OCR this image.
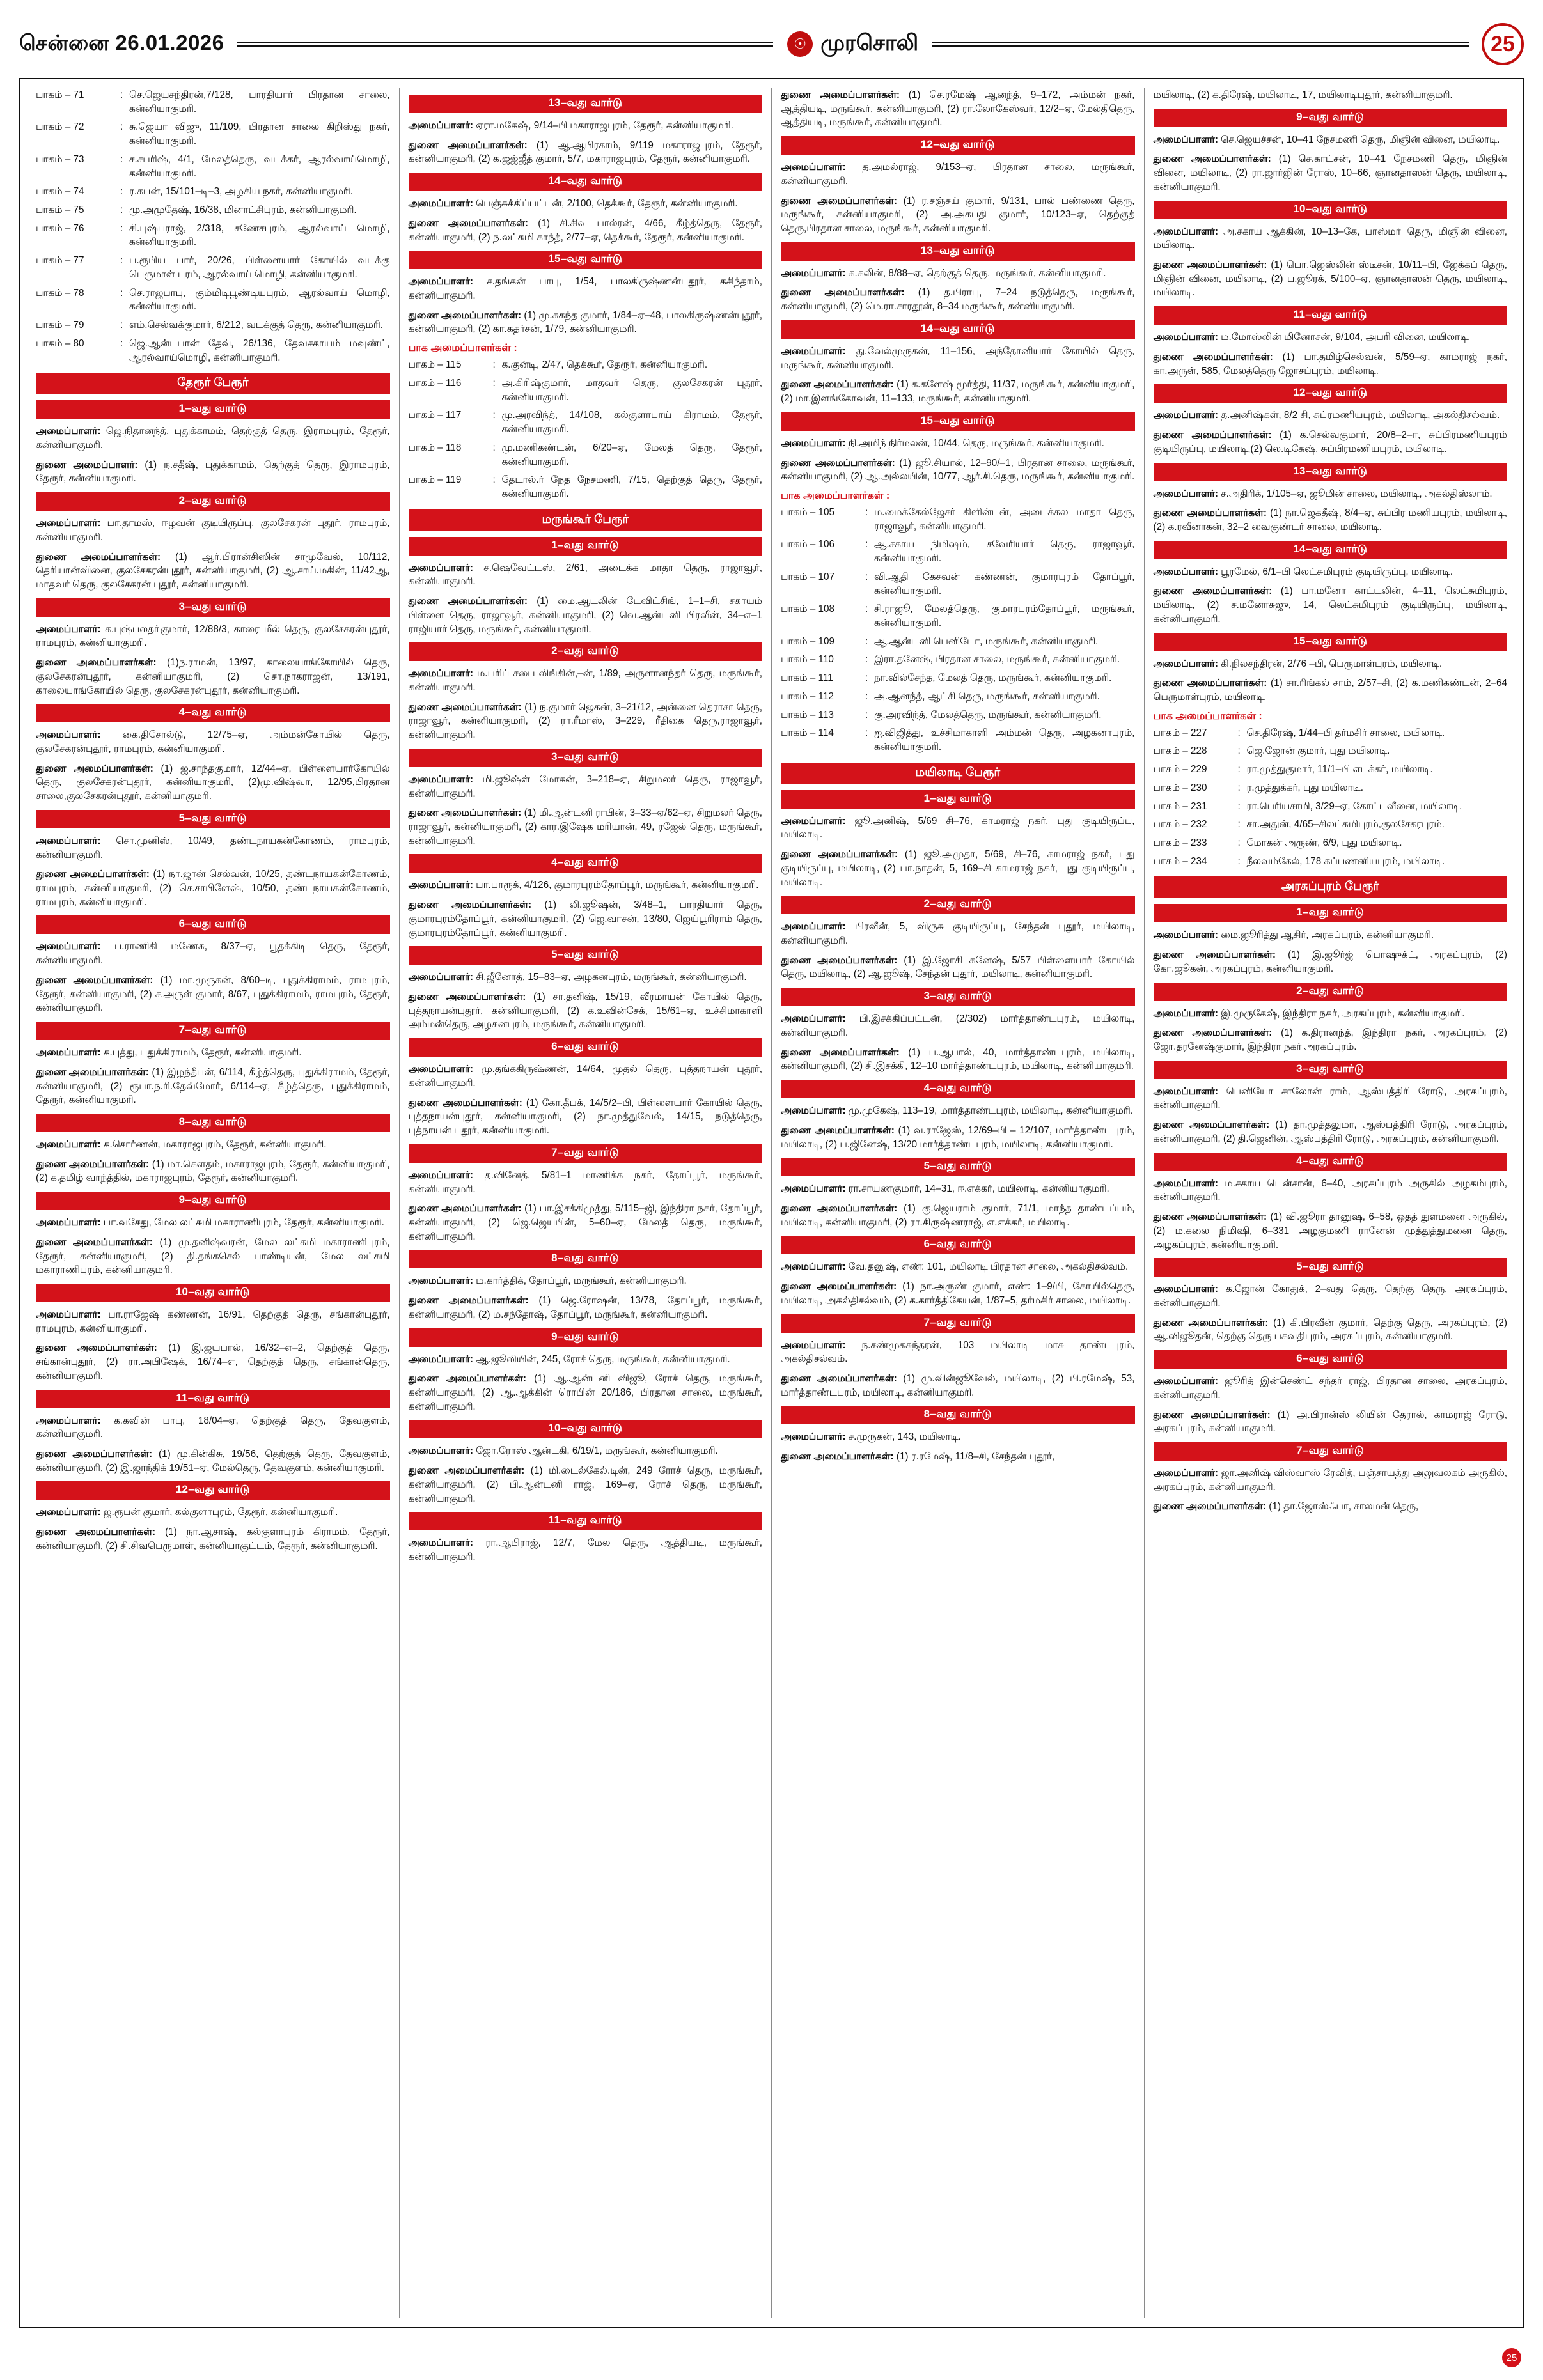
சென்னை 26.01.2026	☉ முரசொலி	25
பாகம் – 71	: செ.ஜெயசந்திரன்,7/128, பாரதியார் பிரதான சாலை, கன்னியாகுமரி.
பாகம் – 72	: சு.ஜெயா விஜு, 11/109, பிரதான சாலை கிறிஸ்து நகர், கன்னியாகுமரி.
பாகம் – 73	: ச.சபரிஷ், 4/1, மேலத்தெரு, வடக்கர், ஆரல்வாய்மொழி, கன்னியாகுமரி.
பாகம் – 74	: ர.கபன், 15/101–டி–3, அழகிய நகர், கன்னியாகுமரி.
பாகம் – 75	: மு.அமுதேஷ், 16/38, மினாட்சிபுரம், கன்னியாகுமரி.
பாகம் – 76	: சி.புஷ்பராஜ், 2/318, சணேசபுரம், ஆரல்வாய் மொழி, கன்னியாகுமரி.
பாகம் – 77	: ப.ரூபிய பார், 20/26, பிள்ளையார் கோயில் வடக்கு பெருமாள் புரம், ஆரல்வாய் மொழி, கன்னியாகுமரி.
பாகம் – 78	: செ.ராஜபாபு, கும்மிடிபூண்டியபுரம், ஆரல்வாய் மொழி, கன்னியாகுமரி.
பாகம் – 79	: எம்.செல்வக்குமார், 6/212, வடக்குத் தெரு, கன்னியாகுமரி.
பாகம் – 80	: ஜெ.ஆன்டபான் தேவ், 26/136, தேவசகாயம் மவுண்ட், ஆரல்வாய்மொழி, கன்னியாகுமரி.
தேரூர் பேரூர்
1–வது வார்டு
அமைப்பாளர்: ஜெ.நிதானந்த், புதுக்காமம், தெற்குத் தெரு, இராமபுரம், தேரூர், கன்னியாகுமரி.
துணை அமைப்பாளர்: (1) ந.சதீஷ், புதுக்காமம், தெற்குத் தெரு, இராமபுரம், தேரூர், கன்னியாகுமரி.
2–வது வார்டு
அமைப்பாளர்: பா.தாமஸ், ஈழவன் குடியிருப்பு, குலசேகரன் புதூர், ராமபுரம், கன்னியாகுமரி.
துணை அமைப்பாளர்கள்: (1) ஆர்.பிரான்சிஸின் சாமுவேல், 10/112, தெரியான்வினை, குலசேகரன்புதூர், கன்னியாகுமரி, (2) ஆ.சாய்.மகின், 11/42ஆ, மாதவர் தெரு, குலசேகரன் புதூர், கன்னியாகுமரி.
3–வது வார்டு
அமைப்பாளர்: க.புஷ்பலதா்குமார், 12/88/3, காரை மீல் தெரு, குலசேகரன்புதூர், ராமபுரம், கன்னியாகுமரி.
துணை அமைப்பாளர்கள்: (1)ந.ராமன், 13/97, காலையாங்கோயில் தெரு, குலசேகரன்புதூர், கன்னியாகுமரி, (2) சொ.நாகராஜன், 13/191, காலையாங்கோயில் தெரு, குலசேகரன்புதூர், கன்னியாகுமரி.
4–வது வார்டு
அமைப்பாளர்: கை.திசோல்டு, 12/75–ஏ, அம்மன்கோயில் தெரு, குலசேகரன்புதூர், ராமபுரம், கன்னியாகுமரி.
துணை அமைப்பாளர்கள்: (1) ஜ.சாந்தகுமார், 12/44–ஏ, பிள்ளையார்கோயில் தெரு, குலசேகரன்புதூர், கன்னியாகுமரி, (2)மு.விஷ்வா, 12/95,பிரதான சாலை,குலசேகரன்புதூர், கன்னியாகுமரி.
5–வது வார்டு
அமைப்பாளர்: சொ.முனிஸ், 10/49, தண்டநாயகன்கோணம், ராமபுரம், கன்னியாகுமரி.
துணை அமைப்பாளர்கள்: (1) நா.ஜான் செல்வன், 10/25, தண்டநாயகன்கோணம், ராமபுரம், கன்னியாகுமரி, (2) செ.சாபிளேஷ், 10/50, தண்டநாயகன்கோணம், ராமபுரம், கன்னியாகுமரி.
6–வது வார்டு
அமைப்பாளர்: ப.ராணிகி மணேசு, 8/37–ஏ, பூதக்கிடி தெரு, தேரூர், கன்னியாகுமரி.
துணை அமைப்பாளர்கள்: (1) மா.முருகன், 8/60–டி, புதுக்கிராமம், ராமபுரம், தேரூர், கன்னியாகுமரி, (2) ச.அருள் குமார், 8/67, புதுக்கிராமம், ராமபுரம், தேரூர், கன்னியாகுமரி.
7–வது வார்டு
அமைப்பாளர்: க.புத்து, புதுக்கிராமம், தேரூர், கன்னியாகுமரி.
துணை அமைப்பாளர்கள்: (1) இழந்தீபன், 6/114, கீழ்த்தெரு, புதுக்கிராமம், தேரூர், கன்னியாகுமரி, (2) ரூபா.ந.ரி.தேவ்மோர், 6/114–ஏ, கீழ்த்தெரு, புதுக்கிராமம், தேரூர், கன்னியாகுமரி.
8–வது வார்டு
அமைப்பாளர்: க.சொர்ணன், மகாராஜபுரம், தேரூர், கன்னியாகுமரி.
துணை அமைப்பாளர்கள்: (1) மா.கௌதம், மகாராஜபுரம், தேரூர், கன்னியாகுமரி, (2) க.தமிழ் வாந்த்தில், மகாராஜபுரம், தேரூர், கன்னியாகுமரி.
9–வது வார்டு
அமைப்பாளர்: பா.வசேது, மேல லட்சுமி மகாராணிபுரம், தேரூர், கன்னியாகுமரி.
துணை அமைப்பாளர்கள்: (1) மு.தனிஷ்வரன், மேல லட்சுமி மகாராணிபுரம், தேரூர், கன்னியாகுமரி, (2) தி.தங்கசெல் பாண்டியன், மேல லட்சுமி மகாராணிபுரம், கன்னியாகுமரி.
10–வது வார்டு
அமைப்பாளர்: பா.ராஜேஷ் கண்ணன், 16/91, தெற்குத் தெரு, சங்கான்புதூர், ராமபுரம், கன்னியாகுமரி.
துணை அமைப்பாளர்கள்: (1) இ.ஜயபால், 16/32–எ–2, தெற்குத் தெரு, சங்கான்புதூர், (2) ரா.அபிஷேக், 16/74–எ, தெற்குத் தெரு, சங்கான்தெரு, கன்னியாகுமரி.
11–வது வார்டு
அமைப்பாளர்: க.கவின் பாபு, 18/04–ஏ, தெற்குத் தெரு, தேவகுளம், கன்னியாகுமரி.
துணை அமைப்பாளர்கள்: (1) மு.கின்கிசு, 19/56, தெற்குத் தெரு, தேவகுளம், கன்னியாகுமரி, (2) இ.ஜாந்திக் 19/51–ஏ, மேல்தெரு, தேவகுளம், கன்னியாகுமரி.
12–வது வார்டு
அமைப்பாளர்: ஜ.ரூபன் குமார், கல்குளாபுரம், தேரூர், கன்னியாகுமரி.
துணை அமைப்பாளர்கள்: (1) நா.ஆசாஷ், கல்குளாபுரம் கிராமம், தேரூர், கன்னியாகுமரி, (2) சி.சிவபெருமாள், கன்னியாகுட்டம், தேரூர், கன்னியாகுமரி.
13–வது வார்டு
அமைப்பாளர்: ஏரா.மகேஷ், 9/14–பி மகாராஜபுரம், தேரூர், கன்னியாகுமரி.
துணை அமைப்பாளர்கள்: (1) ஆ.ஆபிரகாம், 9/119 மகாராஜபுரம், தேரூர், கன்னியாகுமரி, (2) க.ஜஜ்ஜீத் குமார், 5/7, மகாராஜபுரம், தேரூர், கன்னியாகுமரி.
14–வது வார்டு
அமைப்பாளர்: பெஞ்சுக்கிப்பட்டன், 2/100, தெக்கூர், தேரூர், கன்னியாகுமரி.
துணை அமைப்பாளர்கள்: (1) சி.சிவ பால்ரன், 4/66, கீழ்த்தெரு, தேரூர், கன்னியாகுமரி, (2) ந.லட்சுமி காந்த், 2/77–ஏ, தெக்கூர், தேரூர், கன்னியாகுமரி.
15–வது வார்டு
அமைப்பாளர்: ச.தங்கன் பாபு, 1/54, பாலகிருஷ்ணன்புதூர், கசிந்தாம், கன்னியாகுமரி.
துணை அமைப்பாளர்கள்: (1) மு.சுகந்த குமார், 1/84–ஏ–48, பாலகிருஷ்ணன்புதூர், கன்னியாகுமரி, (2) கா.கதர்சன், 1/79, கன்னியாகுமரி.
பாக அமைப்பாளர்கள் :
பாகம் – 115	: க.குன்டி, 2/47, தெக்கூர், தேரூர், கன்னியாகுமரி.
பாகம் – 116	: அ.கிரிஷ்குமார், மாதவர் தெரு, குலசேகரன் புதூர், கன்னியாகுமரி.
பாகம் – 117	: மு.அரவிந்த், 14/108, கல்குளாபாய் கிராமம், தேரூர், கன்னியாகுமரி.
பாகம் – 118	: மு.மணிகண்டன், 6/20–ஏ, மேலத் தெரு, தேரூர், கன்னியாகுமரி.
பாகம் – 119	: தேடால்.ர் நேத நேசமணி, 7/15, தெற்குத் தெரு, தேரூர், கன்னியாகுமரி.
மருங்கூர் பேரூர்
1–வது வார்டு
அமைப்பாளர்: ச.ஷெவேட்டஸ், 2/61, அடைக்க மாதா தெரு, ராஜாவூர், கன்னியாகுமரி.
துணை அமைப்பாளர்கள்: (1) மை.ஆடலின் டேவிட்சிங், 1–1–சி, சகாயம் பிள்ளை தெரு, ராஜாவூர், கன்னியாகுமரி, (2) வெ.ஆன்டனி பிரவீன், 34–எ–1 ராஜியார் தெரு, மருங்கூர், கன்னியாகுமரி.
2–வது வார்டு
அமைப்பாளர்: ம.பரிப் சபை லிங்கின்,–ன், 1/89, அருளானந்தர் தெரு, மருங்கூர், கன்னியாகுமரி.
துணை அமைப்பாளர்கள்: (1) ந.குமார் ஜெகன், 3–21/12, அன்னை தெராசா தெரு, ராஜாவூர், கன்னியாகுமரி, (2) ரா.ரீமாஸ், 3–229, ரீதிகை தெரு,ராஜாவூர், கன்னியாகுமரி.
3–வது வார்டு
அமைப்பாளர்: மி.ஜூஷ்ள் மோகன், 3–218–ஏ, சிறுமலர் தெரு, ராஜாவூர், கன்னியாகுமரி.
துணை அமைப்பாளர்கள்: (1) மி.ஆன்டனி ராபின், 3–33–ஏ/62–ஏ, சிறுமலர் தெரு, ராஜாவூர், கன்னியாகுமரி, (2) கார.இஷேக மரியான், 49, ரஜேல் தெரு, மருங்கூர், கன்னியாகுமரி.
4–வது வார்டு
அமைப்பாளர்: பா.பாரூக், 4/126, குமாரபுரம்தோப்பூர், மருங்கூர், கன்னியாகுமரி.
துணை அமைப்பாளர்கள்: (1) லி.ஜூஷன், 3/48–1, பாரதியார் தெரு, குமாரபுரம்தோப்பூர், கன்னியாகுமரி, (2) ஜெ.வாசன், 13/80, ஜெய்பூரிராம் தெரு, குமாரபுரம்தோப்பூர், கன்னியாகுமரி.
5–வது வார்டு
அமைப்பாளர்: சி.ஜீனோத், 15–83–ஏ, அழகனபுரம், மருங்கூர், கன்னியாகுமரி.
துணை அமைப்பாளர்கள்: (1) சா.தனிஷ், 15/19, வீரமாயன் கோயில் தெரு, புத்தநாயன்புதூர், கன்னியாகுமரி, (2) க.உவின்சேக், 15/61–ஏ, உச்சிமாகாளி அம்மன்தெரு, அழகனபுரம், மருங்கூர், கன்னியாகுமரி.
6–வது வார்டு
அமைப்பாளர்: மு.தங்ககிருஷ்ணன், 14/64, முதல் தெரு, புத்தநாயன் புதூர், கன்னியாகுமரி.
துணை அமைப்பாளர்கள்: (1) கோ.தீபக், 14/5/2–பி, பிள்ளையார் கோயில் தெரு, புத்தநாயன்புதூர், கன்னியாகுமரி, (2) நா.முத்துவேல், 14/15, நடுத்தெரு, புத்நாயன் புதூர், கன்னியாகுமரி.
7–வது வார்டு
அமைப்பாளர்: த.வினேத், 5/81–1 மாணிக்க நகர், தோப்பூர், மருங்கூர், கன்னியாகுமரி.
துணை அமைப்பாளர்கள்: (1) பா.இசக்கிமுத்து, 5/115–ஜி, இந்திரா நகர், தோப்பூர், கன்னியாகுமரி, (2) ஜெ.ஜெயபின், 5–60–ஏ, மேலத் தெரு, மருங்கூர், கன்னியாகுமரி.
8–வது வார்டு
அமைப்பாளர்: ம.கார்த்திக், தோப்பூர், மருங்கூர், கன்னியாகுமரி.
துணை அமைப்பாளர்கள்: (1) ஜெ.ரோஷன், 13/78, தோப்பூர், மருங்கூர், கன்னியாகுமரி, (2) ம.சந்தோஷ், தோப்பூர், மருங்கூர், கன்னியாகுமரி.
9–வது வார்டு
அமைப்பாளர்: ஆ.ஜூலியின், 245, ரோச் தெரு, மருங்கூர், கன்னியாகுமரி.
துணை அமைப்பாளர்கள்: (1) ஆ.ஆன்டனி விஜூ, ரோச் தெரு, மருங்கூர், கன்னியாகுமரி, (2) ஆ.ஆக்கின் ரொபின் 20/186, பிரதான சாலை, மருங்கூர், கன்னியாகுமரி.
10–வது வார்டு
அமைப்பாளர்: ஜோ.ரோஸ் ஆன்டகி, 6/19/1, மருங்கூர், கன்னியாகுமரி.
துணை அமைப்பாளர்கள்: (1) மி.டைல்கேல்.டின், 249 ரோச் தெரு, மருங்கூர், கன்னியாகுமரி, (2) பி.ஆன்டனி ராஜ், 169–ஏ, ரோச் தெரு, மருங்கூர், கன்னியாகுமரி.
11–வது வார்டு
அமைப்பாளர்: ரா.ஆபிராஜ், 12/7, மேல தெரு, ஆத்தியடி, மருங்கூர், கன்னியாகுமரி.
துணை அமைப்பாளர்கள்: (1) செ.ரமேஷ் ஆனந்த், 9–172, அம்மன் நகர், ஆத்தியடி, மருங்கூர், கன்னியாகுமரி, (2) ரா.லோகேஸ்வர், 12/2–ஏ, மேல்திதெரு, ஆத்தியடி, மருங்கூர், கன்னியாகுமரி.
12–வது வார்டு
அமைப்பாளர்: த.அமல்ராஜ், 9/153–ஏ, பிரதான சாலை, மருங்கூர், கன்னியாகுமரி.
துணை அமைப்பாளர்கள்: (1) ர.சஞ்சய் குமார், 9/131, பால் பண்ணை தெரு, மருங்கூர், கன்னியாகுமரி, (2) அ.அகபதி குமார், 10/123–ஏ, தெற்குத் தெரு,பிரதான சாலை, மருங்கூர், கன்னியாகுமரி.
13–வது வார்டு
அமைப்பாளர்: க.கலின், 8/88–ஏ, தெற்குத் தெரு, மருங்கூர், கன்னியாகுமரி.
துணை அமைப்பாளர்கள்: (1) த.பிராபு, 7–24 நடுத்தெரு, மருங்கூர், கன்னியாகுமரி, (2) மெ.ரா.சாரதூன், 8–34 மருங்கூர், கன்னியாகுமரி.
14–வது வார்டு
அமைப்பாளர்: து.வேல்முருகன், 11–156, அந்தோனியார் கோயில் தெரு, மருங்கூர், கன்னியாகுமரி.
துணை அமைப்பாளர்கள்: (1) க.களேஷ் மூர்த்தி, 11/37, மருங்கூர், கன்னியாகுமரி, (2) மா.இளங்கோவன், 11–133, மருங்கூர், கன்னியாகுமரி.
15–வது வார்டு
அமைப்பாளர்: நி.அமிந் நிர்மலன், 10/44, தெரு, மருங்கூர், கன்னியாகுமரி.
துணை அமைப்பாளர்கள்: (1) ஜூ.சியால், 12–90/–1, பிரதான சாலை, மருங்கூர், கன்னியாகுமரி, (2) ஆ.அல்லயின், 10/77, ஆர்.சி.தெரு, மருங்கூர், கன்னியாகுமரி.
பாக அமைப்பாளர்கள் :
பாகம் – 105	: ம.மைக்கேல்ஜேசர் கிளின்டன், அடைக்கல மாதா தெரு, ராஜாவூர், கன்னியாகுமரி.
பாகம் – 106	: ஆ.சகாய நிமிஷம், சவேரியார் தெரு, ராஜாவூர், கன்னியாகுமரி.
பாகம் – 107	: வி.ஆதி கேசவன் கண்ணன், குமாரபுரம் தோப்பூர், கன்னியாகுமரி.
பாகம் – 108	: சி.ராஜூ, மேலத்தெரு, குமாரபுரம்தோப்பூர், மருங்கூர், கன்னியாகுமரி.
பாகம் – 109	: ஆ.ஆன்டனி பெனிடோ, மருங்கூர், கன்னியாகுமரி.
பாகம் – 110	: இரா.தனேஷ், பிரதான சாலை, மருங்கூர், கன்னியாகுமரி.
பாகம் – 111	: நா.வில்சேந்த, மேலத் தெரு, மருங்கூர், கன்னியாகுமரி.
பாகம் – 112	: அ.ஆனந்த், ஆட்சி தெரு, மருங்கூர், கன்னியாகுமரி.
பாகம் – 113	: கு.அரவிந்த், மேலத்தெரு, மருங்கூர், கன்னியாகுமரி.
பாகம் – 114	: ஐ.விஜித்து, உச்சிமாகாளி அம்மன் தெரு, அழகனாபுரம், கன்னியாகுமரி.
மயிலாடி பேரூர்
1–வது வார்டு
அமைப்பாளர்: ஜூ.அனிஷ், 5/69 சி–76, காமராஜ் நகர், புது குடியிருப்பு, மயிலாடி.
துணை அமைப்பாளர்கள்: (1) ஜூ.அமுதா, 5/69, சி–76, காமராஜ் நகர், புது குடியிருப்பு, மயிலாடி, (2) பா.நாதன், 5, 169–சி காமராஜ் நகர், புது குடியிருப்பு, மயிலாடி.
2–வது வார்டு
அமைப்பாளர்: பிரவீன், 5, விருசு குடியிருப்பு, சேந்தன் புதூர், மயிலாடி, கன்னியாகுமரி.
துணை அமைப்பாளர்கள்: (1) இ.ஜோகி கனேஷ், 5/57 பிள்ளையார் கோயில் தெரு, மயிலாடி, (2) ஆ.ஜூஷ், சேந்தன் புதூர், மயிலாடி, கன்னியாகுமரி.
3–வது வார்டு
அமைப்பாளர்: பி.இசக்கிப்பட்டன், (2/302) மார்த்தாண்டபுரம், மயிலாடி, கன்னியாகுமரி.
துணை அமைப்பாளர்கள்: (1) ப.ஆபால், 40, மார்த்தாண்டபுரம், மயிலாடி, கன்னியாகுமரி, (2) சி.இசக்கி, 12–10 மார்த்தாண்டபுரம், மயிலாடி, கன்னியாகுமரி.
4–வது வார்டு
அமைப்பாளர்: மு.முகேஷ், 113–19, மார்த்தாண்டபுரம், மயிலாடி, கன்னியாகுமரி.
துணை அமைப்பாளர்கள்: (1) வ.ராஜேஸ், 12/69–பி – 12/107, மார்த்தாண்டபுரம், மயிலாடி, (2) ப.ஜினேஷ், 13/20 மார்த்தாண்டபுரம், மயிலாடி, கன்னியாகுமரி.
5–வது வார்டு
அமைப்பாளர்: ரா.சாயணகுமார், 14–31, ஈ.எக்கர், மயிலாடி, கன்னியாகுமரி.
துணை அமைப்பாளர்கள்: (1) கு.ஜெயராம் குமார், 71/1, மாந்த தாண்டப்பம், மயிலாடி, கன்னியாகுமரி, (2) ரா.கிருஷ்ணராஜ், எ.எக்கர், மயிலாடி.
6–வது வார்டு
அமைப்பாளர்: வே.தனுஷ், எண்: 101, மயிலாடி பிரதான சாலை, அகல்திசல்வம்.
துணை அமைப்பாளர்கள்: (1) நா.அருண் குமார், எண்: 1–9/பி, கோயில்தெரு, மயிலாடி, அகல்திசல்வம், (2) க.கார்த்திகேயன், 1/87–5, தர்மசிர் சாலை, மயிலாடி.
7–வது வார்டு
அமைப்பாளர்: ந.சண்முகசுந்தரன், 103 மயிலாடி மாசு தாண்டபுரம், அகல்திசல்வம்.
துணை அமைப்பாளர்கள்: (1) மு.வின்ஜூவேல், மயிலாடி, (2) பி.ரமேஷ், 53, மார்த்தாண்டபுரம், மயிலாடி, கன்னியாகுமரி.
8–வது வார்டு
அமைப்பாளர்: ச.முருகன், 143, மயிலாடி.
துணை அமைப்பாளர்கள்: (1) ர.ரமேஷ், 11/8–சி, சேந்தன் புதூர்,
மயிலாடி, (2) க.திரேஷ், மயிலாடி, 17, மயிலாடிபுதூர், கன்னியாகுமரி.
9–வது வார்டு
அமைப்பாளர்: செ.ஜெயச்சன், 10–41 நேசமணி தெரு, மிஞின் வினை, மயிலாடி.
துணை அமைப்பாளர்கள்: (1) செ.காட்சன், 10–41 நேசமணி தெரு, மிஞின் வினை, மயிலாடி, (2) ரா.ஜார்ஜின் ரோஸ், 10–66, ஞானதாஸன் தெரு, மயிலாடி, கன்னியாகுமரி.
10–வது வார்டு
அமைப்பாளர்: அ.சகாய ஆக்கின், 10–13–கே, பாஸ்மா் தெரு, மிஞின் வினை, மயிலாடி.
துணை அமைப்பாளர்கள்: (1) பொ.ஜெஸ்லின் ஸ்டீசன், 10/11–பி, ஜேக்கப் தெரு, மிஞின் வினை, மயிலாடி, (2) ப.ஜூரக், 5/100–ஏ, ஞானதாஸன் தெரு, மயிலாடி, மயிலாடி.
11–வது வார்டு
அமைப்பாளர்: ம.மோஸ்லின் மினோசன், 9/104, அபரி வினை, மயிலாடி.
துணை அமைப்பாளர்கள்: (1) பா.தமிழ்செல்வன், 5/59–ஏ, காமராஜ் நகர், கா.அருள், 585, மேலத்தெரு ஜோசப்புரம், மயிலாடி.
12–வது வார்டு
அமைப்பாளர்: த.அனிஷ்கள், 8/2 சி, சுப்ரமணியபுரம், மயிலாடி, அகல்திசல்வம்.
துணை அமைப்பாளர்கள்: (1) க.செல்வகுமார், 20/8–2–ா, சுப்பிரமணியபுரம் குடியிருப்பு, மயிலாடி,(2) லெ.டிகேஷ், சுப்பிரமணியபுரம், மயிலாடி.
13–வது வார்டு
அமைப்பாளர்: ச.அதிரிக், 1/105–ஏ, ஜூமின் சாலை, மயிலாடி, அகல்திஸ்லாம்.
துணை அமைப்பாளர்கள்: (1) நா.ஜெகதீஷ், 8/4–ஏ, சுப்பிர மணியபுரம், மயிலாடி, (2) க.ரவீனாகன், 32–2 வைகுண்டர் சாலை, மயிலாடி.
14–வது வார்டு
அமைப்பாளர்: பூரமேல், 6/1–பி லெட்சுமிபுரம் குடியிருப்பு, மயிலாடி.
துணை அமைப்பாளர்கள்: (1) பா.மனோ காட்டலின், 4–11, லெட்சுமிபுரம், மயிலாடி, (2) ச.மனோசுஜு, 14, லெட்சுமிபுரம் குடியிருப்பு, மயிலாடி, கன்னியாகுமரி.
15–வது வார்டு
அமைப்பாளர்: கி.நிலசந்திரன், 2/76 –பி, பெருமாள்புரம், மயிலாடி.
துணை அமைப்பாளர்கள்: (1) சா.ரிங்கல் சாம், 2/57–சி, (2) க.மணிகண்டன், 2–64 பெருமாள்புரம், மயிலாடி.
பாக அமைப்பாளர்கள் :
பாகம் – 227	: செ.திரேஷ், 1/44–பி தர்மசிர் சாலை, மயிலாடி.
பாகம் – 228	: ஜெ.ஜோன் குமார், புது மயிலாடி.
பாகம் – 229	: ரா.முத்துகுமார், 11/1–பி எடக்கர், மயிலாடி.
பாகம் – 230	: ர.முத்துக்கர், புது மயிலாடி.
பாகம் – 231	: ரா.பெரியசாமி, 3/29–ஏ, கோட்டவீனை, மயிலாடி.
பாகம் – 232	: சா.அதுன், 4/65–சிலட்சுமிபுரம்,குலசேகரபுரம்.
பாகம் – 233	: மோகன் அருண், 6/9, புது மயிலாடி.
பாகம் – 234	: நீலவம்கேல், 178 கப்பணனியபுரம், மயிலாடி.
அரசுப்புரம் பேரூர்
1–வது வார்டு
அமைப்பாளர்: மை.ஜூரித்து ஆசிர், அரகப்புரம், கன்னியாகுமரி.
துணை அமைப்பாளர்கள்: (1) இ.ஜூர்ஜ் பொஷுக்ட், அரகப்புரம், (2) கோ.ஜூகன், அரகப்புரம், கன்னியாகுமரி.
2–வது வார்டு
அமைப்பாளர்: இ.முருகேஷ், இந்திரா நகர், அரகப்புரம், கன்னியாகுமரி.
துணை அமைப்பாளர்கள்: (1) க.திரானந்த், இந்திரா நகர், அரகப்புரம், (2) ஜோ.தரனேஷ்குமார், இந்திரா நகர் அரகப்புரம்.
3–வது வார்டு
அமைப்பாளர்: பெனியோ சாலோன் ராம், ஆஸ்பத்திரி ரோடு, அரகப்புரம், கன்னியாகுமரி.
துணை அமைப்பாளர்கள்: (1) தா.முத்தலுமா, ஆஸ்பத்திரி ரோடு, அரகப்புரம், கன்னியாகுமரி, (2) தி.ஜெனின், ஆஸ்பத்திரி ரோடு, அரகப்புரம், கன்னியாகுமரி.
4–வது வார்டு
அமைப்பாளர்: ம.சகாய டென்சான், 6–40, அரகப்புரம் அருகில் அழகம்புரம், கன்னியாகுமரி.
துணை அமைப்பாளர்கள்: (1) வி.ஜூரா தானுஷ, 6–58, ஒதத் துளமனை அருகில், (2) ம.கலை நிமிஷி, 6–331 அழகுமணி ரானேன் முத்துத்துமனை தெரு, அழகப்புரம், கன்னியாகுமரி.
5–வது வார்டு
அமைப்பாளர்: க.ஜோன் கோதுக், 2–வது தெரு, தெற்கு தெரு, அரகப்புரம், கன்னியாகுமரி.
துணை அமைப்பாளர்கள்: (1) கி.பிரவீன் குமார், தெற்கு தெரு, அரகப்புரம், (2) ஆ.விஜூதன், தெற்கு தெரு பகவதிபுரம், அரகப்புரம், கன்னியாகுமரி.
6–வது வார்டு
அமைப்பாளர்: ஜூரித் இன்செண்ட் சந்தர் ராஜ், பிரதான சாலை, அரகப்புரம், கன்னியாகுமரி.
துணை அமைப்பாளர்கள்: (1) அ.பிரான்ஸ் லியின் தேரால், காமராஜ் ரோடு, அரகப்புரம், கன்னியாகுமரி.
7–வது வார்டு
அமைப்பாளர்: ஜா.அனிஷ் விஸ்வாஸ் ரேவித், பஞ்சாயத்து அலுவலகம் அருகில், அரகப்புரம், கன்னியாகுமரி.
துணை அமைப்பாளர்கள்: (1) தா.ஜோஸ்ஃபா, சாலமன் தெரு,
25
